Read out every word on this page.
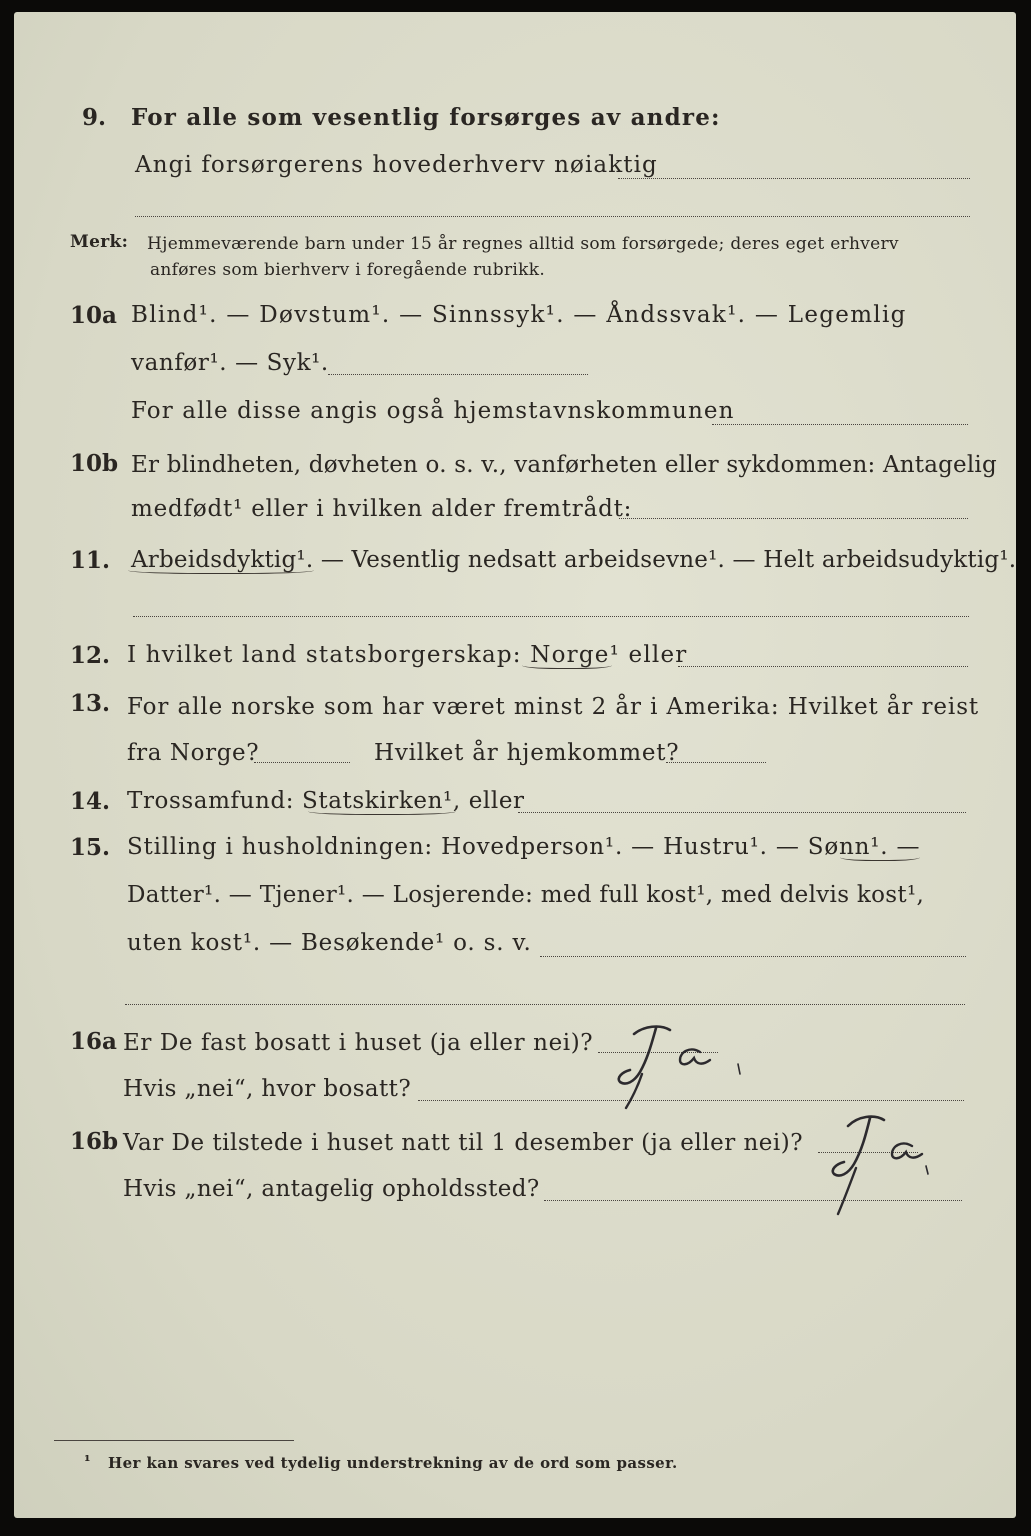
9. For alle som vesentlig forsørges av andre:
Angi forsørgerens hovederhverv nøiaktig
Merk: Hjemmeværende barn under 15 år regnes alltid som forsørgede; deres eget erhverv
anføres som bierhverv i foregående rubrikk.
10a Blind¹. — Døvstum¹. — Sinnssyk¹. — Åndssvak¹. — Legemlig
vanfør¹. — Syk¹.
For alle disse angis også hjemstavnskommunen
10b Er blindheten, døvheten o. s. v., vanførheten eller sykdommen: Antagelig
medfødt¹ eller i hvilken alder fremtrådt:
11. Arbeidsdyktig¹. — Vesentlig nedsatt arbeidsevne¹. — Helt arbeidsudyktig¹.
12. I hvilket land statsborgerskap: Norge¹ eller
13. For alle norske som har været minst 2 år i Amerika: Hvilket år reist
fra Norge?	Hvilket år hjemkommet?
14. Trossamfund: Statskirken¹, eller
15. Stilling i husholdningen: Hovedperson¹. — Hustru¹. — Sønn¹. —
Datter¹. — Tjener¹. — Losjerende: med full kost¹, med delvis kost¹,
uten kost¹. — Besøkende¹ o. s. v.
16a Er De fast bosatt i huset (ja eller nei)?
Hvis „nei“, hvor bosatt?
16b Var De tilstede i huset natt til 1 desember (ja eller nei)?
Hvis „nei“, antagelig opholdssted?
¹ Her kan svares ved tydelig understrekning av de ord som passer.
